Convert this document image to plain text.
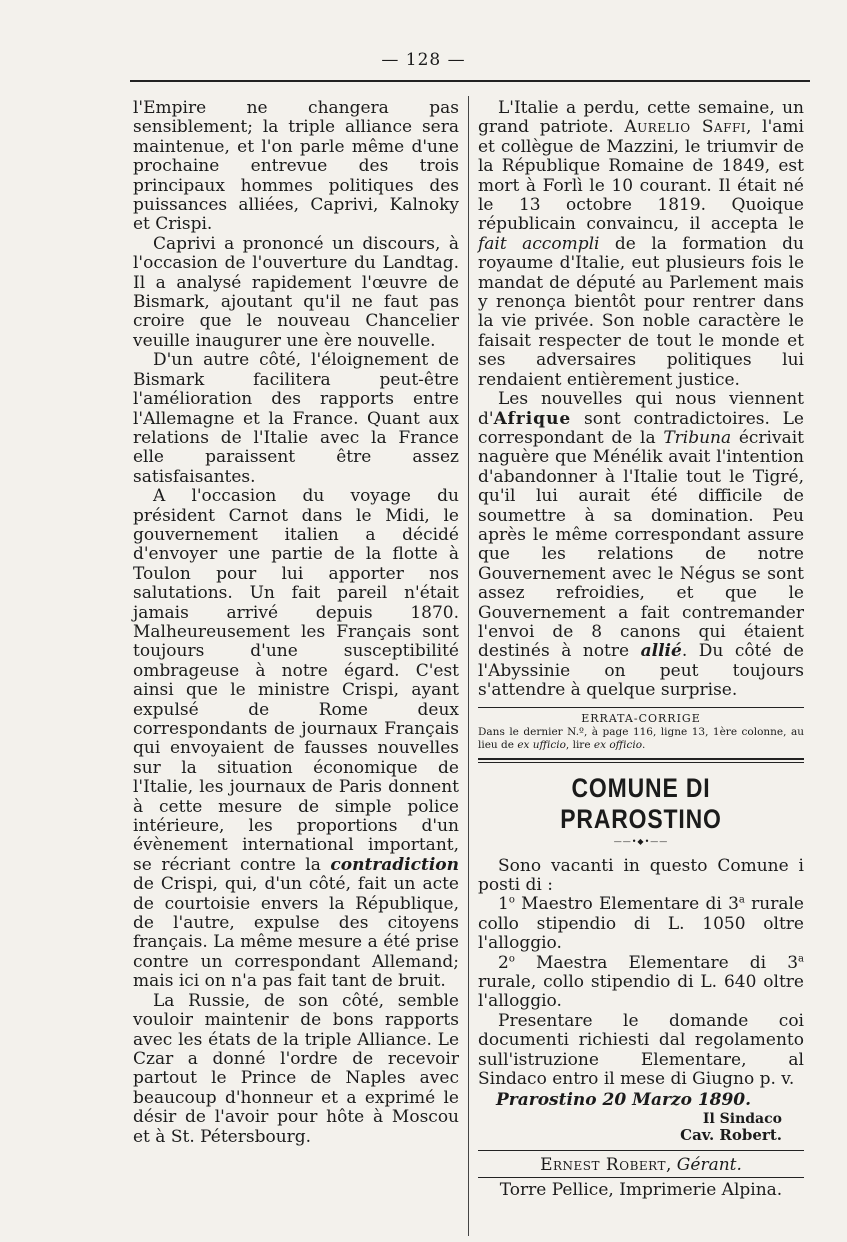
— 128 —

l'Empire ne changera pas sensiblement; la triple alliance sera maintenue, et l'on parle même d'une prochaine entrevue des trois principaux hommes politiques des puissances alliées, Caprivi, Kalnoky et Crispi.

Caprivi a prononcé un discours, à l'occasion de l'ouverture du Landtag. Il a analysé rapidement l'œuvre de Bismark, ajoutant qu'il ne faut pas croire que le nouveau Chancelier veuille inaugurer une ère nouvelle.

D'un autre côté, l'éloignement de Bismark facilitera peut-être l'amélioration des rapports entre l'Allemagne et la France. Quant aux relations de l'Italie avec la France elle paraissent être assez satisfaisantes.

A l'occasion du voyage du président Carnot dans le Midi, le gouvernement italien a décidé d'envoyer une partie de la flotte à Toulon pour lui apporter nos salutations. Un fait pareil n'était jamais arrivé depuis 1870. Malheureusement les Français sont toujours d'une susceptibilité ombrageuse à notre égard. C'est ainsi que le ministre Crispi, ayant expulsé de Rome deux correspondants de journaux Français qui envoyaient de fausses nouvelles sur la situation économique de l'Italie, les journaux de Paris donnent à cette mesure de simple police intérieure, les proportions d'un évènement international important, se récriant contre la contradiction de Crispi, qui, d'un côté, fait un acte de courtoisie envers la République, de l'autre, expulse des citoyens français. La même mesure a été prise contre un correspondant Allemand; mais ici on n'a pas fait tant de bruit.

La Russie, de son côté, semble vouloir maintenir de bons rapports avec les états de la triple Alliance. Le Czar a donné l'ordre de recevoir partout le Prince de Naples avec beaucoup d'honneur et a exprimé le désir de l'avoir pour hôte à Moscou et à St. Pétersbourg.

L'Italie a perdu, cette semaine, un grand patriote. Aurelio Saffi, l'ami et collègue de Mazzini, le triumvir de la République Romaine de 1849, est mort à Forlì le 10 courant. Il était né le 13 octobre 1819. Quoique républicain convaincu, il accepta le fait accompli de la formation du royaume d'Italie, eut plusieurs fois le mandat de député au Parlement mais y renonça bientôt pour rentrer dans la vie privée. Son noble caractère le faisait respecter de tout le monde et ses adversaires politiques lui rendaient entièrement justice.

Les nouvelles qui nous viennent d'Afrique sont contradictoires. Le correspondant de la Tribuna écrivait naguère que Ménélik avait l'intention d'abandonner à l'Italie tout le Tigré, qu'il lui aurait été difficile de soumettre à sa domination. Peu après le même correspondant assure que les relations de notre Gouvernement avec le Négus se sont assez refroidies, et que le Gouvernement a fait contremander l'envoi de 8 canons qui étaient destinés à notre allié. Du côté de l'Abyssinie on peut toujours s'attendre à quelque surprise.

ERRATA-CORRIGE

Dans le dernier N.º, à page 116, ligne 13, 1ère colonne, au lieu de ex ufficio, lire ex officio.

COMUNE DI PRAROSTINO
——•◆•——

Sono vacanti in questo Comune i posti di :

1$^o$ Maestro Elementare di 3$^a$ rurale collo stipendio di L. 1050 oltre l'alloggio.

2$^o$ Maestra Elementare di 3$^a$ rurale, collo stipendio di L. 640 oltre l'alloggio.

Presentare le domande coi documenti richiesti dal regolamento sull'istruzione Elementare, al Sindaco entro il mese di Giugno p. v.

Prarostino 20 Marzo 1890.

Il Sindaco

Cav. Robert.

Ernest Robert, Gérant.

Torre Pellice, Imprimerie Alpina.
